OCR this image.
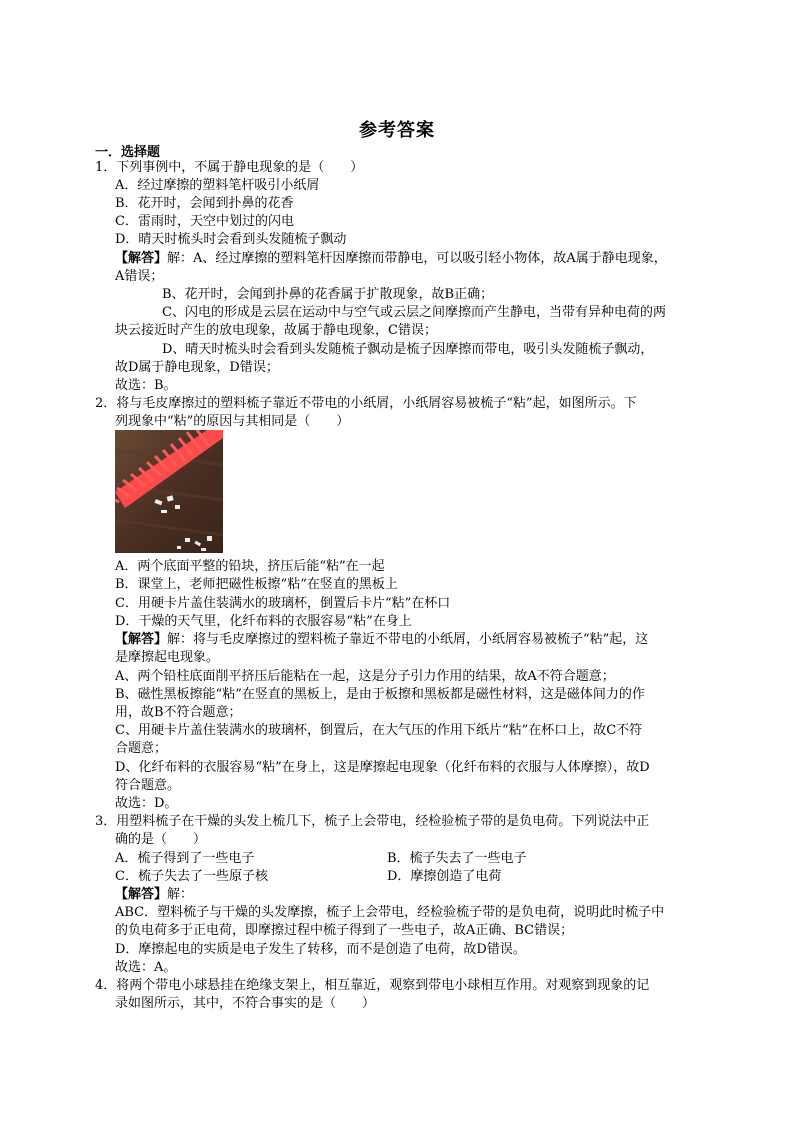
参考答案
一．选择题
1．下列事例中，不属于静电现象的是（　　）
A．经过摩擦的塑料笔杆吸引小纸屑
B．花开时，会闻到扑鼻的花香
C．雷雨时，天空中划过的闪电
D．晴天时梳头时会看到头发随梳子飘动
【解答】解：A、经过摩擦的塑料笔杆因摩擦而带静电，可以吸引轻小物体，故A属于静电现象，
A错误；
B、花开时，会闻到扑鼻的花香属于扩散现象，故B正确；
C、闪电的形成是云层在运动中与空气或云层之间摩擦而产生静电，当带有异种电荷的两
块云接近时产生的放电现象，故属于静电现象，C错误；
D、晴天时梳头时会看到头发随梳子飘动是梳子因摩擦而带电，吸引头发随梳子飘动，
故D属于静电现象，D错误；
故选：B。
2．将与毛皮摩擦过的塑料梳子靠近不带电的小纸屑，小纸屑容易被梳子“粘”起，如图所示。下
列现象中“粘”的原因与其相同是（　　）
A．两个底面平整的铅块，挤压后能“粘”在一起
B．课堂上，老师把磁性板擦“粘“在竖直的黑板上
C．用硬卡片盖住装满水的玻璃杯，倒置后卡片“粘”在杯口
D．干燥的天气里，化纤布料的衣服容易“粘”在身上
【解答】解：将与毛皮摩擦过的塑料梳子靠近不带电的小纸屑，小纸屑容易被梳子“粘”起，这
是摩擦起电现象。
A、两个铅柱底面削平挤压后能粘在一起，这是分子引力作用的结果，故A不符合题意；
B、磁性黑板擦能“粘”在竖直的黑板上，是由于板擦和黑板都是磁性材料，这是磁体间力的作
用，故B不符合题意；
C、用硬卡片盖住装满水的玻璃杯，倒置后，在大气压的作用下纸片“粘”在杯口上，故C不符
合题意；
D、化纤布料的衣服容易“粘”在身上，这是摩擦起电现象（化纤布料的衣服与人体摩擦），故D
符合题意。
故选：D。
3．用塑料梳子在干燥的头发上梳几下，梳子上会带电，经检验梳子带的是负电荷。下列说法中正
确的是（　　）
A．梳子得到了一些电子	B．梳子失去了一些电子
C．梳子失去了一些原子核	D．摩擦创造了电荷
【解答】解：
ABC．塑料梳子与干燥的头发摩擦，梳子上会带电，经检验梳子带的是负电荷，说明此时梳子中
的负电荷多于正电荷，即摩擦过程中梳子得到了一些电子，故A正确、BC错误；
D．摩擦起电的实质是电子发生了转移，而不是创造了电荷，故D错误。
故选：A。
4．将两个带电小球悬挂在绝缘支架上，相互靠近，观察到带电小球相互作用。对观察到现象的记
录如图所示，其中，不符合事实的是（　　）
